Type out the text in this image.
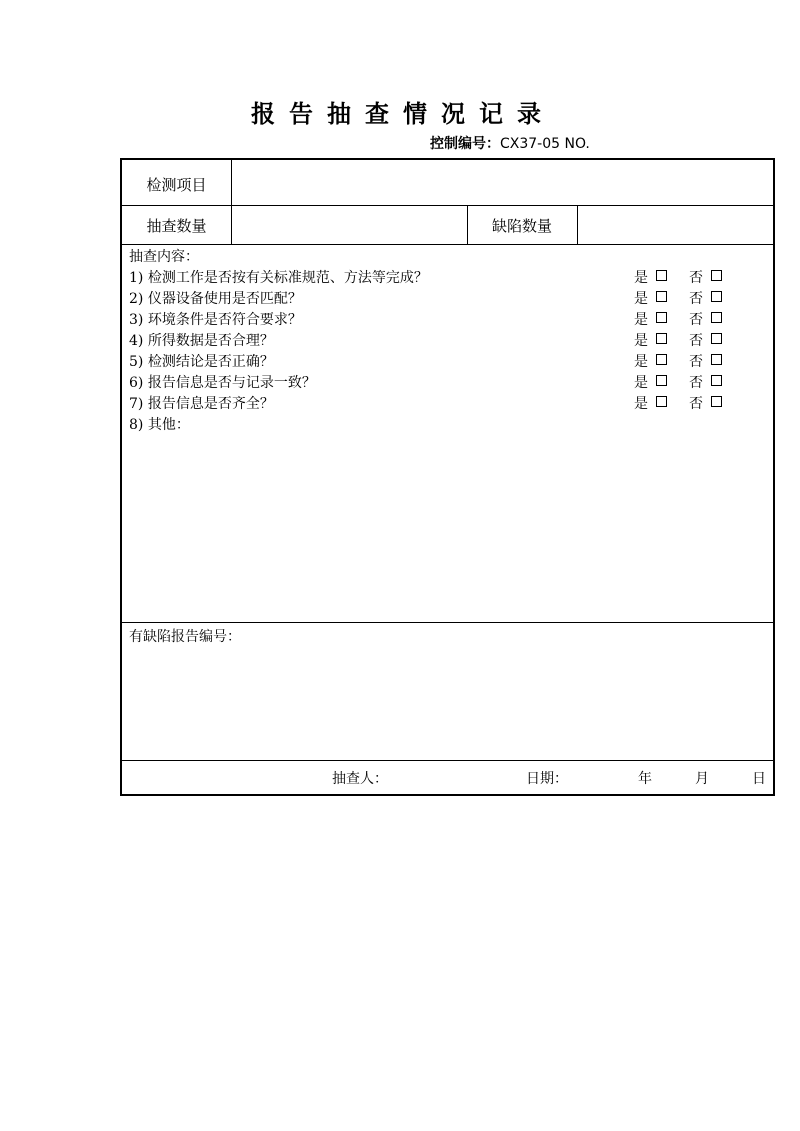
报告抽查情况记录
控制编号：CX37-05 NO.
检测项目
抽查数量	缺陷数量
抽查内容：
1) 检测工作是否按有关标准规范、方法等完成？	是	否
2) 仪器设备使用是否匹配？	是	否
3) 环境条件是否符合要求？	是	否
4) 所得数据是否合理？	是	否
5) 检测结论是否正确？	是	否
6) 报告信息是否与记录一致？	是	否
7) 报告信息是否齐全？	是	否
8) 其他：
有缺陷报告编号：
抽查人：	日期：	年	月	日
